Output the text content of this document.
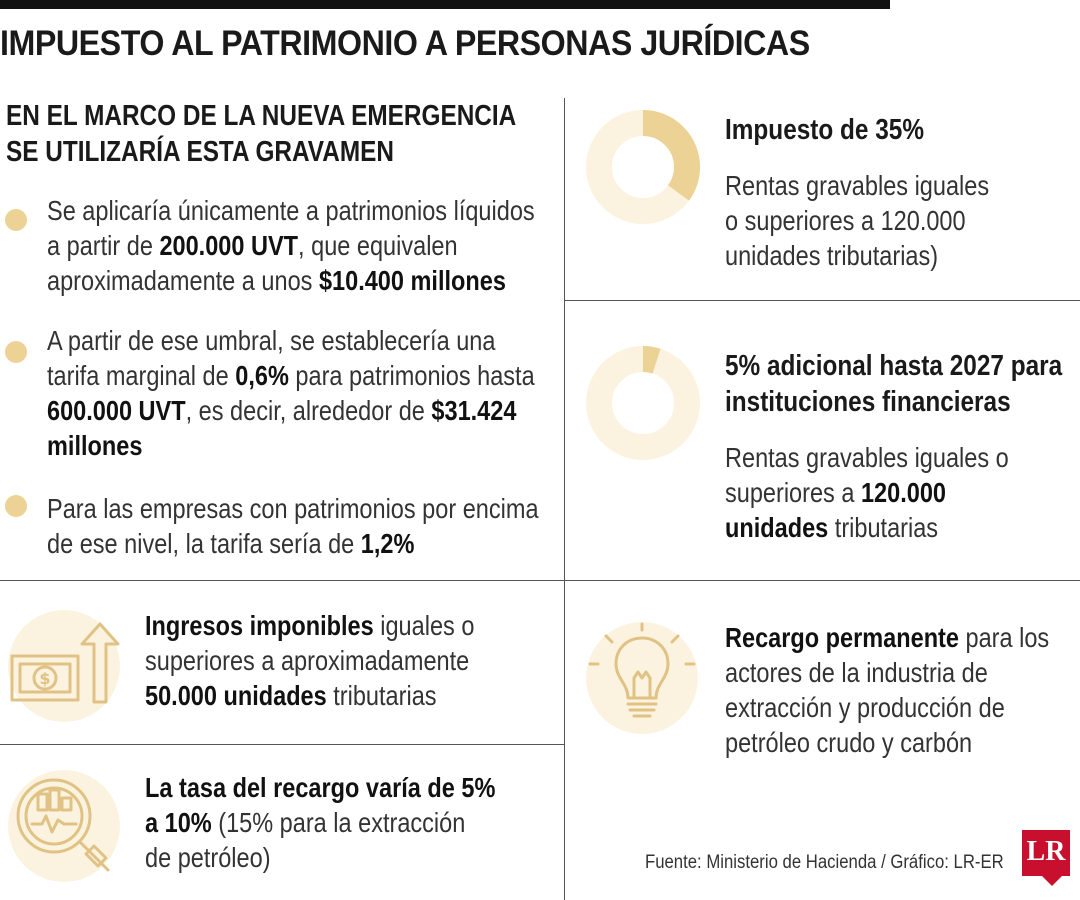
IMPUESTO AL PATRIMONIO A PERSONAS JURÍDICAS
EN EL MARCO DE LA NUEVA EMERGENCIA
SE UTILIZARÍA ESTA GRAVAMEN
Se aplicaría únicamente a patrimonios líquidos a partir de 200.000 UVT, que equivalen aproximadamente a unos $10.400 millones
A partir de ese umbral, se establecería una tarifa marginal de 0,6% para patrimonios hasta 600.000 UVT, es decir, alrededor de $31.424 millones
Para las empresas con patrimonios por encima de ese nivel, la tarifa sería de 1,2%
Impuesto de 35%
Rentas gravables iguales
o superiores a 120.000
unidades tributarias)
5% adicional hasta 2027 para
instituciones financieras
Rentas gravables iguales o superiores a 120.000 unidades tributarias
$
Ingresos imponibles iguales o superiores a aproximadamente 50.000 unidades tributarias
La tasa del recargo varía de 5% a 10% (15% para la extracción de petróleo)
Recargo permanente para los actores de la industria de extracción y producción de petróleo crudo y carbón
Fuente: Ministerio de Hacienda / Gráfico: LR-ER LR
